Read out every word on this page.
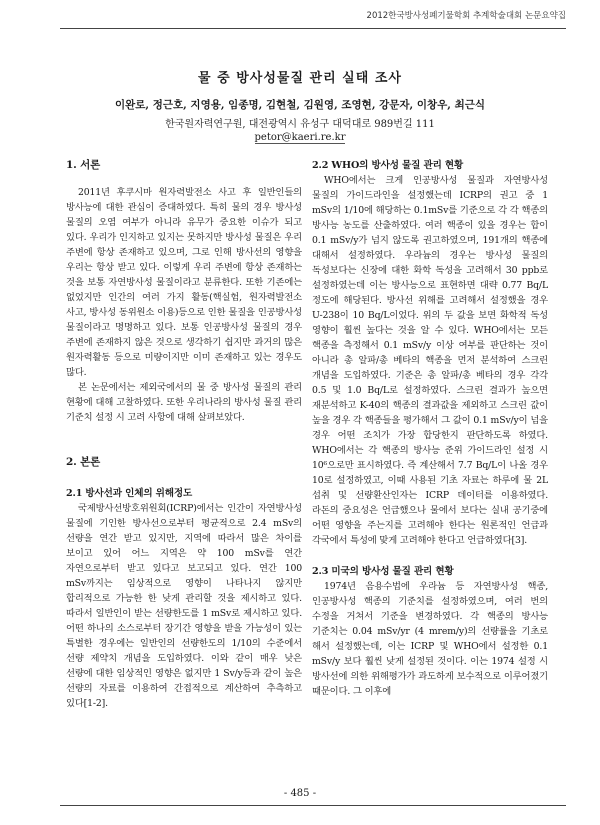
2012한국방사성폐기물학회 추계학술대회 논문요약집
물 중 방사성물질 관리 실태 조사
이완로, 정근호, 지영용, 임종명, 김현철, 김원영, 조영현, 강문자, 이창우, 최근식
한국원자력연구원, 대전광역시 유성구 대덕대로 989번길 111
petor@kaeri.re.kr

1. 서론

2011년 후쿠시마 원자력발전소 사고 후 일반인들의 방사능에 대한 관심이 증대하였다. 특히 물의 경우 방사성 물질의 오염 여부가 아니라 유무가 중요한 이슈가 되고 있다. 우리가 인지하고 있지는 못하지만 방사성 물질은 우리 주변에 항상 존재하고 있으며, 그로 인해 방사선의 영향을 우리는 항상 받고 있다. 이렇게 우리 주변에 항상 존재하는 것을 보통 자연방사성 물질이라고 분류한다. 또한 기존에는 없었지만 인간의 여러 가지 활동(핵실험, 원자력발전소 사고, 방사성 동위원소 이용)등으로 인한 물질을 인공방사성 물질이라고 명명하고 있다. 보통 인공방사성 물질의 경우 주변에 존재하지 않은 것으로 생각하기 쉽지만 과거의 많은 원자력활동 등으로 미량이지만 이미 존재하고 있는 경우도 많다.

본 논문에서는 제외국에서의 물 중 방사성 물질의 관리 현황에 대해 고찰하였다. 또한 우리나라의 방사성 물질 관리 기준치 설정 시 고려 사항에 대해 살펴보았다.

2. 본론

2.1 방사선과 인체의 위해정도

국제방사선방호위원회(ICRP)에서는 인간이 자연방사성 물질에 기인한 방사선으로부터 평균적으로 2.4 mSv의 선량을 연간 받고 있지만, 지역에 따라서 많은 차이를 보이고 있어 어느 지역은 약 100 mSv를 연간 자연으로부터 받고 있다고 보고되고 있다. 연간 100 mSv까지는 임상적으로 영향이 나타나지 않지만 합리적으로 가능한 한 낮게 관리할 것을 제시하고 있다. 따라서 일반인이 받는 선량한도를 1 mSv로 제시하고 있다. 어떤 하나의 소스로부터 장기간 영향을 받을 가능성이 있는 특별한 경우에는 일반인의 선량한도의 1/10의 수준에서 선량 제약치 개념을 도입하였다. 이와 같이 매우 낮은 선량에 대한 임상적인 영향은 없지만 1 Sv/y등과 같이 높은 선량의 자료를 이용하여 간접적으로 계산하여 추측하고 있다[1-2].

2.2 WHO의 방사성 물질 관리 현황

WHO에서는 크게 인공방사성 물질과 자연방사성 물질의 가이드라인을 설정했는데 ICRP의 권고 중 1 mSv의 1/10에 해당하는 0.1mSv를 기준으로 각 각 핵종의 방사능 농도를 산출하였다. 여러 핵종이 있을 경우는 합이 0.1 mSv/y가 넘지 않도록 권고하였으며, 191개의 핵종에 대해서 설정하였다. 우라늄의 경우는 방사성 물질의 독성보다는 신장에 대한 화학 독성을 고려해서 30 ppb로 설정하였는데 이는 방사능으로 표현하면 대략 0.77 Bq/L 정도에 해당된다. 방사선 위해를 고려해서 설정했을 경우 U-238이 10 Bq/L이었다. 위의 두 값을 보면 화학적 독성 영향이 훨씬 높다는 것을 알 수 있다. WHO에서는 모든 핵종을 측정해서 0.1 mSv/y 이상 여부를 판단하는 것이 아니라 총 알파/총 베타의 핵종을 먼저 분석하여 스크린 개념을 도입하였다. 기준은 총 알파/총 베타의 경우 각각 0.5 및 1.0 Bq/L로 설정하였다. 스크린 결과가 높으면 재분석하고 K-40의 핵종의 결과값을 제외하고 스크린 값이 높을 경우 각 핵종들을 평가해서 그 값이 0.1 mSv/y이 넘을 경우 어떤 조치가 가장 합당한지 판단하도록 하였다. WHO에서는 각 핵종의 방사능 준위 가이드라인 설정 시 10⁶으로만 표시하였다. 즉 계산해서 7.7 Bq/L이 나올 경우 10로 설정하였고, 이때 사용된 기초 자료는 하루에 물 2L 섭취 및 선량환산인자는 ICRP 데이터를 이용하였다. 라돈의 중요성은 언급했으나 물에서 보다는 실내 공기중에 어떤 영향을 주는지를 고려해야 한다는 원론적인 언급과 각국에서 특성에 맞게 고려해야 한다고 언급하였다[3].

2.3 미국의 방사성 물질 관리 현황

1974년 음용수법에 우라늄 등 자연방사성 핵종, 인공방사성 핵종의 기준치를 설정하였으며, 여러 번의 수정을 거쳐서 기준을 변경하였다. 각 핵종의 방사능 기준치는 0.04 mSv/yr (4 mrem/y)의 선량률을 기초로 해서 설정했는데, 이는 ICRP 및 WHO에서 설정한 0.1 mSv/y 보다 훨씬 낮게 설정된 것이다. 이는 1974 설정 시 방사선에 의한 위해평가가 과도하게 보수적으로 이루어졌기 때문이다. 그 이후에

- 485 -
